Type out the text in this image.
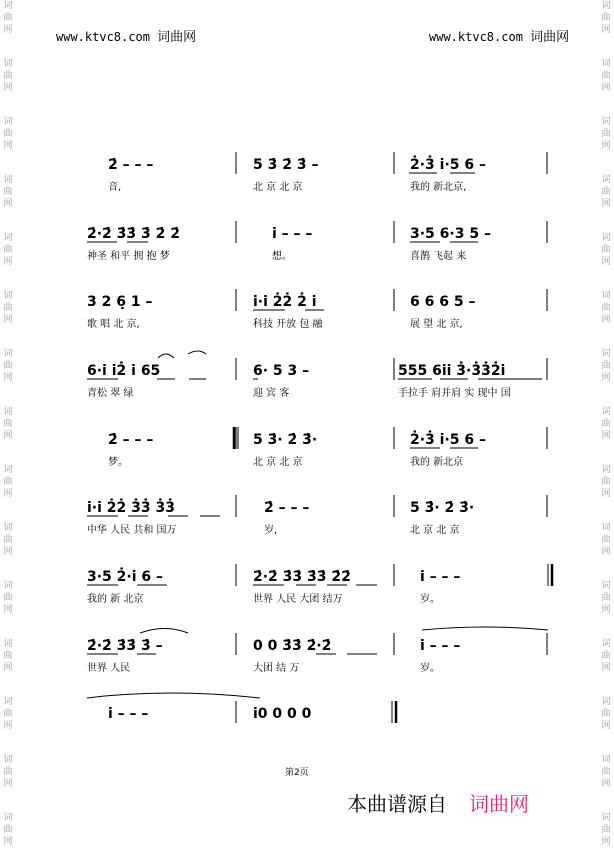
词
曲
网
词
曲
网
词
曲
网
词
曲
网
词
曲
网
词
曲
网
词
曲
网
词
曲
网
词
曲
网
词
曲
网
词
曲
网
词
曲
网
词
曲
网
词
曲
网
词
曲
网
词
曲
网
词
曲
网
词
曲
网
词
曲
网
词
曲
网
词
曲
网
词
曲
网
词
曲
网
词
曲
网
词
曲
网
词
曲
网
词
曲
网
词
曲
网
词
曲
网
词
曲
网
www.ktvc8.com 词曲网	www.ktvc8.com 词曲网
2̇ – – –
音,
5 3̇ 2̇ 3̇ –
北 京 北 京
2̇·3̇ i̇·5 6 –
我的 新北京,
2̇·2̇ 3̇3̇ 3̇ 2̇ 2̇
神圣 和平 拥 抱 梦
i̇ – – –
想。
3·5 6·3 5 –
喜鹊 飞起 来
3 2 6̣ 1 –
歌 唱 北 京,
i̇·i̇ 2̇2̇ 2̇ i̇
科技 开放 包 融
6 6 6 5 –
展 望 北 京,
6·i̇ i̇2̇ i̇ 65
青松 翠 绿
6· 5 3 –
迎 宾 客
555 6i̇i̇ 3̇·3̇3̇2̇i̇
手拉手 肩并肩 实 现中 国
2̇ – – –
梦。
5 3̇· 2̇ 3̇·
北 京 北 京
2̇·3̇ i̇·5 6 –
我的 新北京
i̇·i̇ 2̇2̇ 3̇3̇ 3̇3̇
中华 人民 共和 国万
2̇ – – –
岁,
5 3̇· 2̇ 3̇·
北 京 北 京
3·5 2̇·i̇ 6 –
我的 新 北京
2̇·2̇ 3̇3̇ 3̇3̇ 2̇2̇
世界 人民 大团 结万
i̇ – – –
岁。
2̇·2̇ 3̇3̇ 3̇ –
世界 人民
0 0 3̇3̇ 2̇·2̇
大团 结 万
i̇ – – –
岁。
i̇ – – –	i̇0 0 0 0
第2页
本曲谱源自 词曲网
